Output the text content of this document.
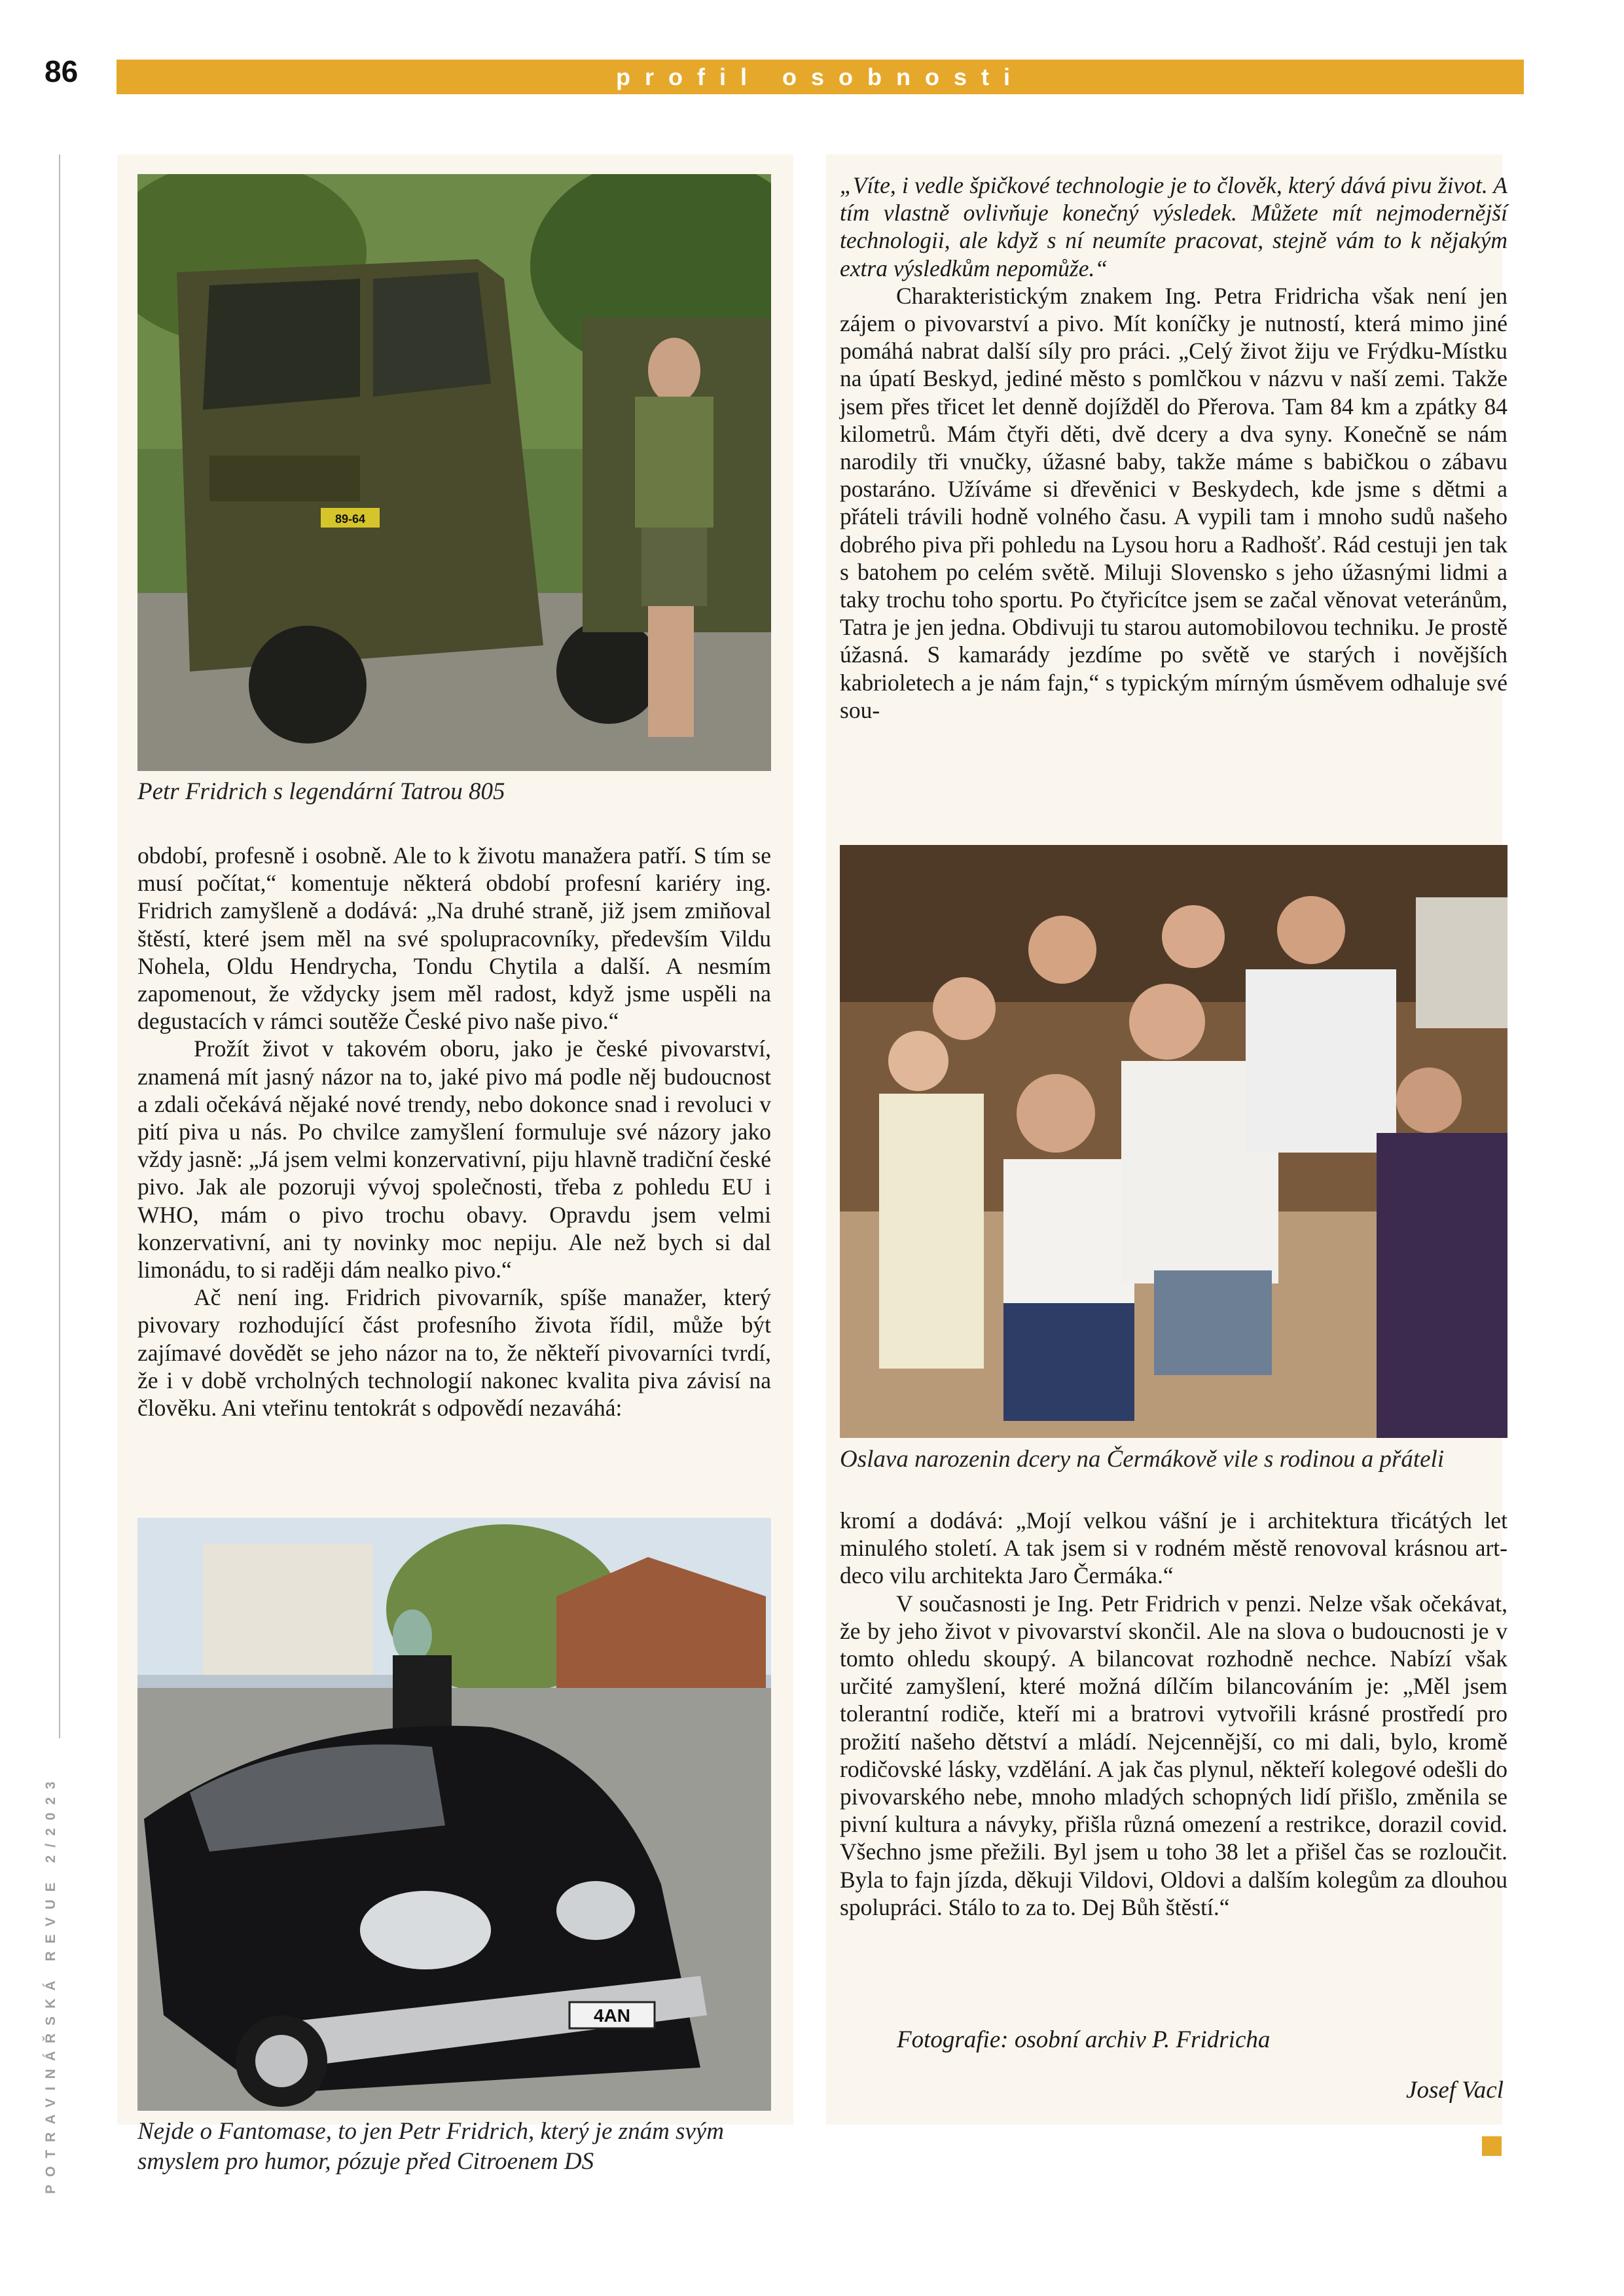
86	profil osobnosti
POTRAVINÁŘSKÁ REVUE 2/2023
89-64
Petr Fridrich s legendární Tatrou 805

období, profesně i osobně. Ale to k životu manažera patří. S tím se musí počítat,“ komentuje některá období profesní kariéry ing. Fridrich zamyšleně a dodává: „Na druhé straně, již jsem zmiňoval štěstí, které jsem měl na své spolupracovníky, především Vildu Nohela, Oldu Hendrycha, Tondu Chytila a další. A nesmím zapomenout, že vždycky jsem měl radost, když jsme uspěli na degustacích v rámci soutěže České pivo naše pivo.“

Prožít život v takovém oboru, jako je české pivovarství, znamená mít jasný názor na to, jaké pivo má podle něj budoucnost a zdali očekává nějaké nové trendy, nebo dokonce snad i revoluci v pití piva u nás. Po chvilce zamyšlení formuluje své názory jako vždy jasně: „Já jsem velmi konzervativní, piju hlavně tradiční české pivo. Jak ale pozoruji vývoj společnosti, třeba z pohledu EU i WHO, mám o pivo trochu obavy. Opravdu jsem velmi konzervativní, ani ty novinky moc nepiju. Ale než bych si dal limonádu, to si raději dám nealko pivo.“

Ač není ing. Fridrich pivovarník, spíše manažer, který pivovary rozhodující část profesního života řídil, může být zajímavé dovědět se jeho názor na to, že někteří pivovarníci tvrdí, že i v době vrcholných technologií nakonec kvalita piva závisí na člověku. Ani vteřinu tentokrát s odpovědí nezaváhá:

4AN
Nejde o Fantomase, to jen Petr Fridrich, který je znám svým smyslem pro humor, pózuje před Citroenem DS

„Víte, i vedle špičkové technologie je to člověk, který dává pivu život. A tím vlastně ovlivňuje konečný výsledek. Můžete mít nejmodernější technologii, ale když s ní neumíte pracovat, stejně vám to k nějakým extra výsledkům nepomůže.“

Charakteristickým znakem Ing. Petra Fridricha však není jen zájem o pivovarství a pivo. Mít koníčky je nutností, která mimo jiné pomáhá nabrat další síly pro práci. „Celý život žiju ve Frýdku-Místku na úpatí Beskyd, jediné město s pomlčkou v názvu v naší zemi. Takže jsem přes třicet let denně dojížděl do Přerova. Tam 84 km a zpátky 84 kilometrů. Mám čtyři děti, dvě dcery a dva syny. Konečně se nám narodily tři vnučky, úžasné baby, takže máme s babičkou o zábavu postaráno. Užíváme si dřevěnici v Beskydech, kde jsme s dětmi a přáteli trávili hodně volného času. A vypili tam i mnoho sudů našeho dobrého piva při pohledu na Lysou horu a Radhošť. Rád cestuji jen tak s batohem po celém světě. Miluji Slovensko s jeho úžasnými lidmi a taky trochu toho sportu. Po čtyřicítce jsem se začal věnovat veteránům, Tatra je jen jedna. Obdivuji tu starou automobilovou techniku. Je prostě úžasná. S kamarády jezdíme po světě ve starých i novějších kabrioletech a je nám fajn,“ s typickým mírným úsměvem odhaluje své sou-

Oslava narozenin dcery na Čermákově vile s rodinou a přáteli

kromí a dodává: „Mojí velkou vášní je i architektura třicátých let minulého století. A tak jsem si v rodném městě renovoval krásnou art-deco vilu architekta Jaro Čermáka.“

V současnosti je Ing. Petr Fridrich v penzi. Nelze však očekávat, že by jeho život v pivovarství skončil. Ale na slova o budoucnosti je v tomto ohledu skoupý. A bilancovat rozhodně nechce. Nabízí však určité zamyšlení, které možná dílčím bilancováním je: „Měl jsem tolerantní rodiče, kteří mi a bratrovi vytvořili krásné prostředí pro prožití našeho dětství a mládí. Nejcennější, co mi dali, bylo, kromě rodičovské lásky, vzdělání. A jak čas plynul, někteří kolegové odešli do pivovarského nebe, mnoho mladých schopných lidí přišlo, změnila se pivní kultura a návyky, přišla různá omezení a restrikce, dorazil covid. Všechno jsme přežili. Byl jsem u toho 38 let a přišel čas se rozloučit. Byla to fajn jízda, děkuji Vildovi, Oldovi a dalším kolegům za dlouhou spolupráci. Stálo to za to. Dej Bůh štěstí.“

Fotografie: osobní archiv P. Fridricha
Josef Vacl
